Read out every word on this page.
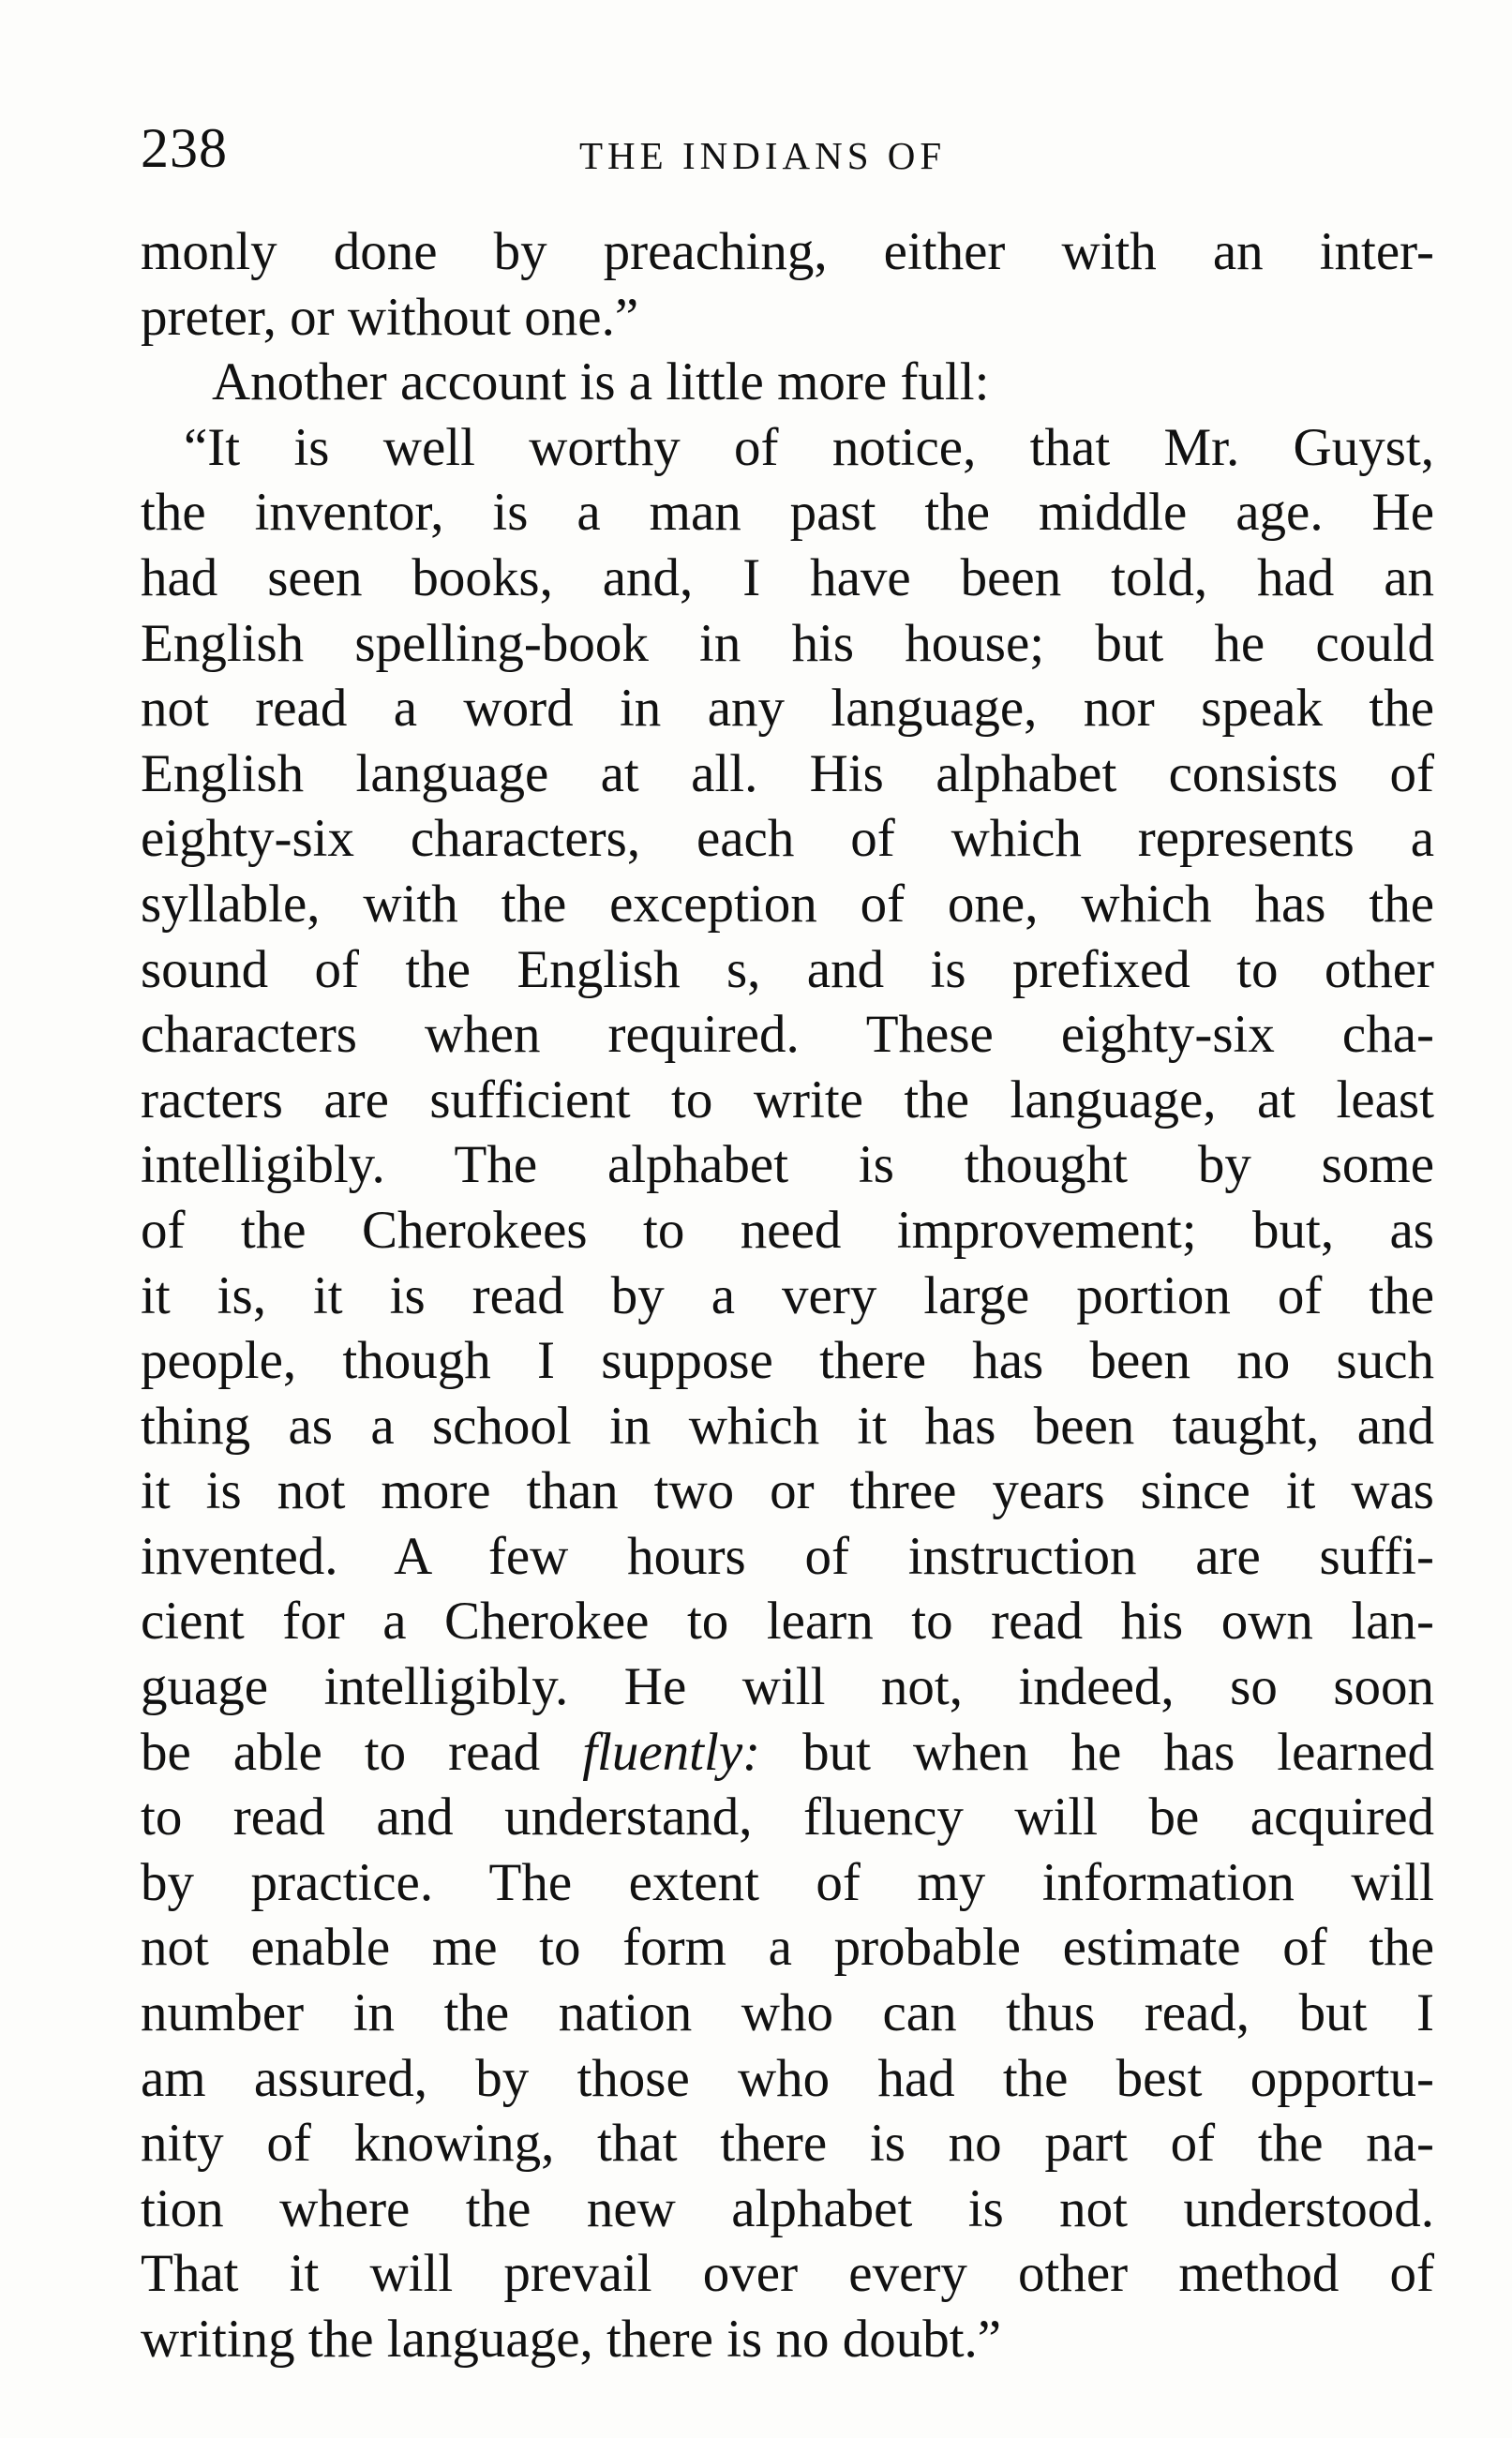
238	THE INDIANS OF
monly done by preaching, either with an inter-
preter, or without one.”
Another account is a little more full:
“It is well worthy of notice, that Mr. Guyst,
the inventor, is a man past the middle age. He
had seen books, and, I have been told, had an
English spelling-book in his house; but he could
not read a word in any language, nor speak the
English language at all. His alphabet consists of
eighty-six characters, each of which represents a
syllable, with the exception of one, which has the
sound of the English s, and is prefixed to other
characters when required. These eighty-six cha-
racters are sufficient to write the language, at least
intelligibly. The alphabet is thought by some
of the Cherokees to need improvement; but, as
it is, it is read by a very large portion of the
people, though I suppose there has been no such
thing as a school in which it has been taught, and
it is not more than two or three years since it was
invented. A few hours of instruction are suffi-
cient for a Cherokee to learn to read his own lan-
guage intelligibly. He will not, indeed, so soon
be able to read fluently: but when he has learned
to read and understand, fluency will be acquired
by practice. The extent of my information will
not enable me to form a probable estimate of the
number in the nation who can thus read, but I
am assured, by those who had the best opportu-
nity of knowing, that there is no part of the na-
tion where the new alphabet is not understood.
That it will prevail over every other method of
writing the language, there is no doubt.”
